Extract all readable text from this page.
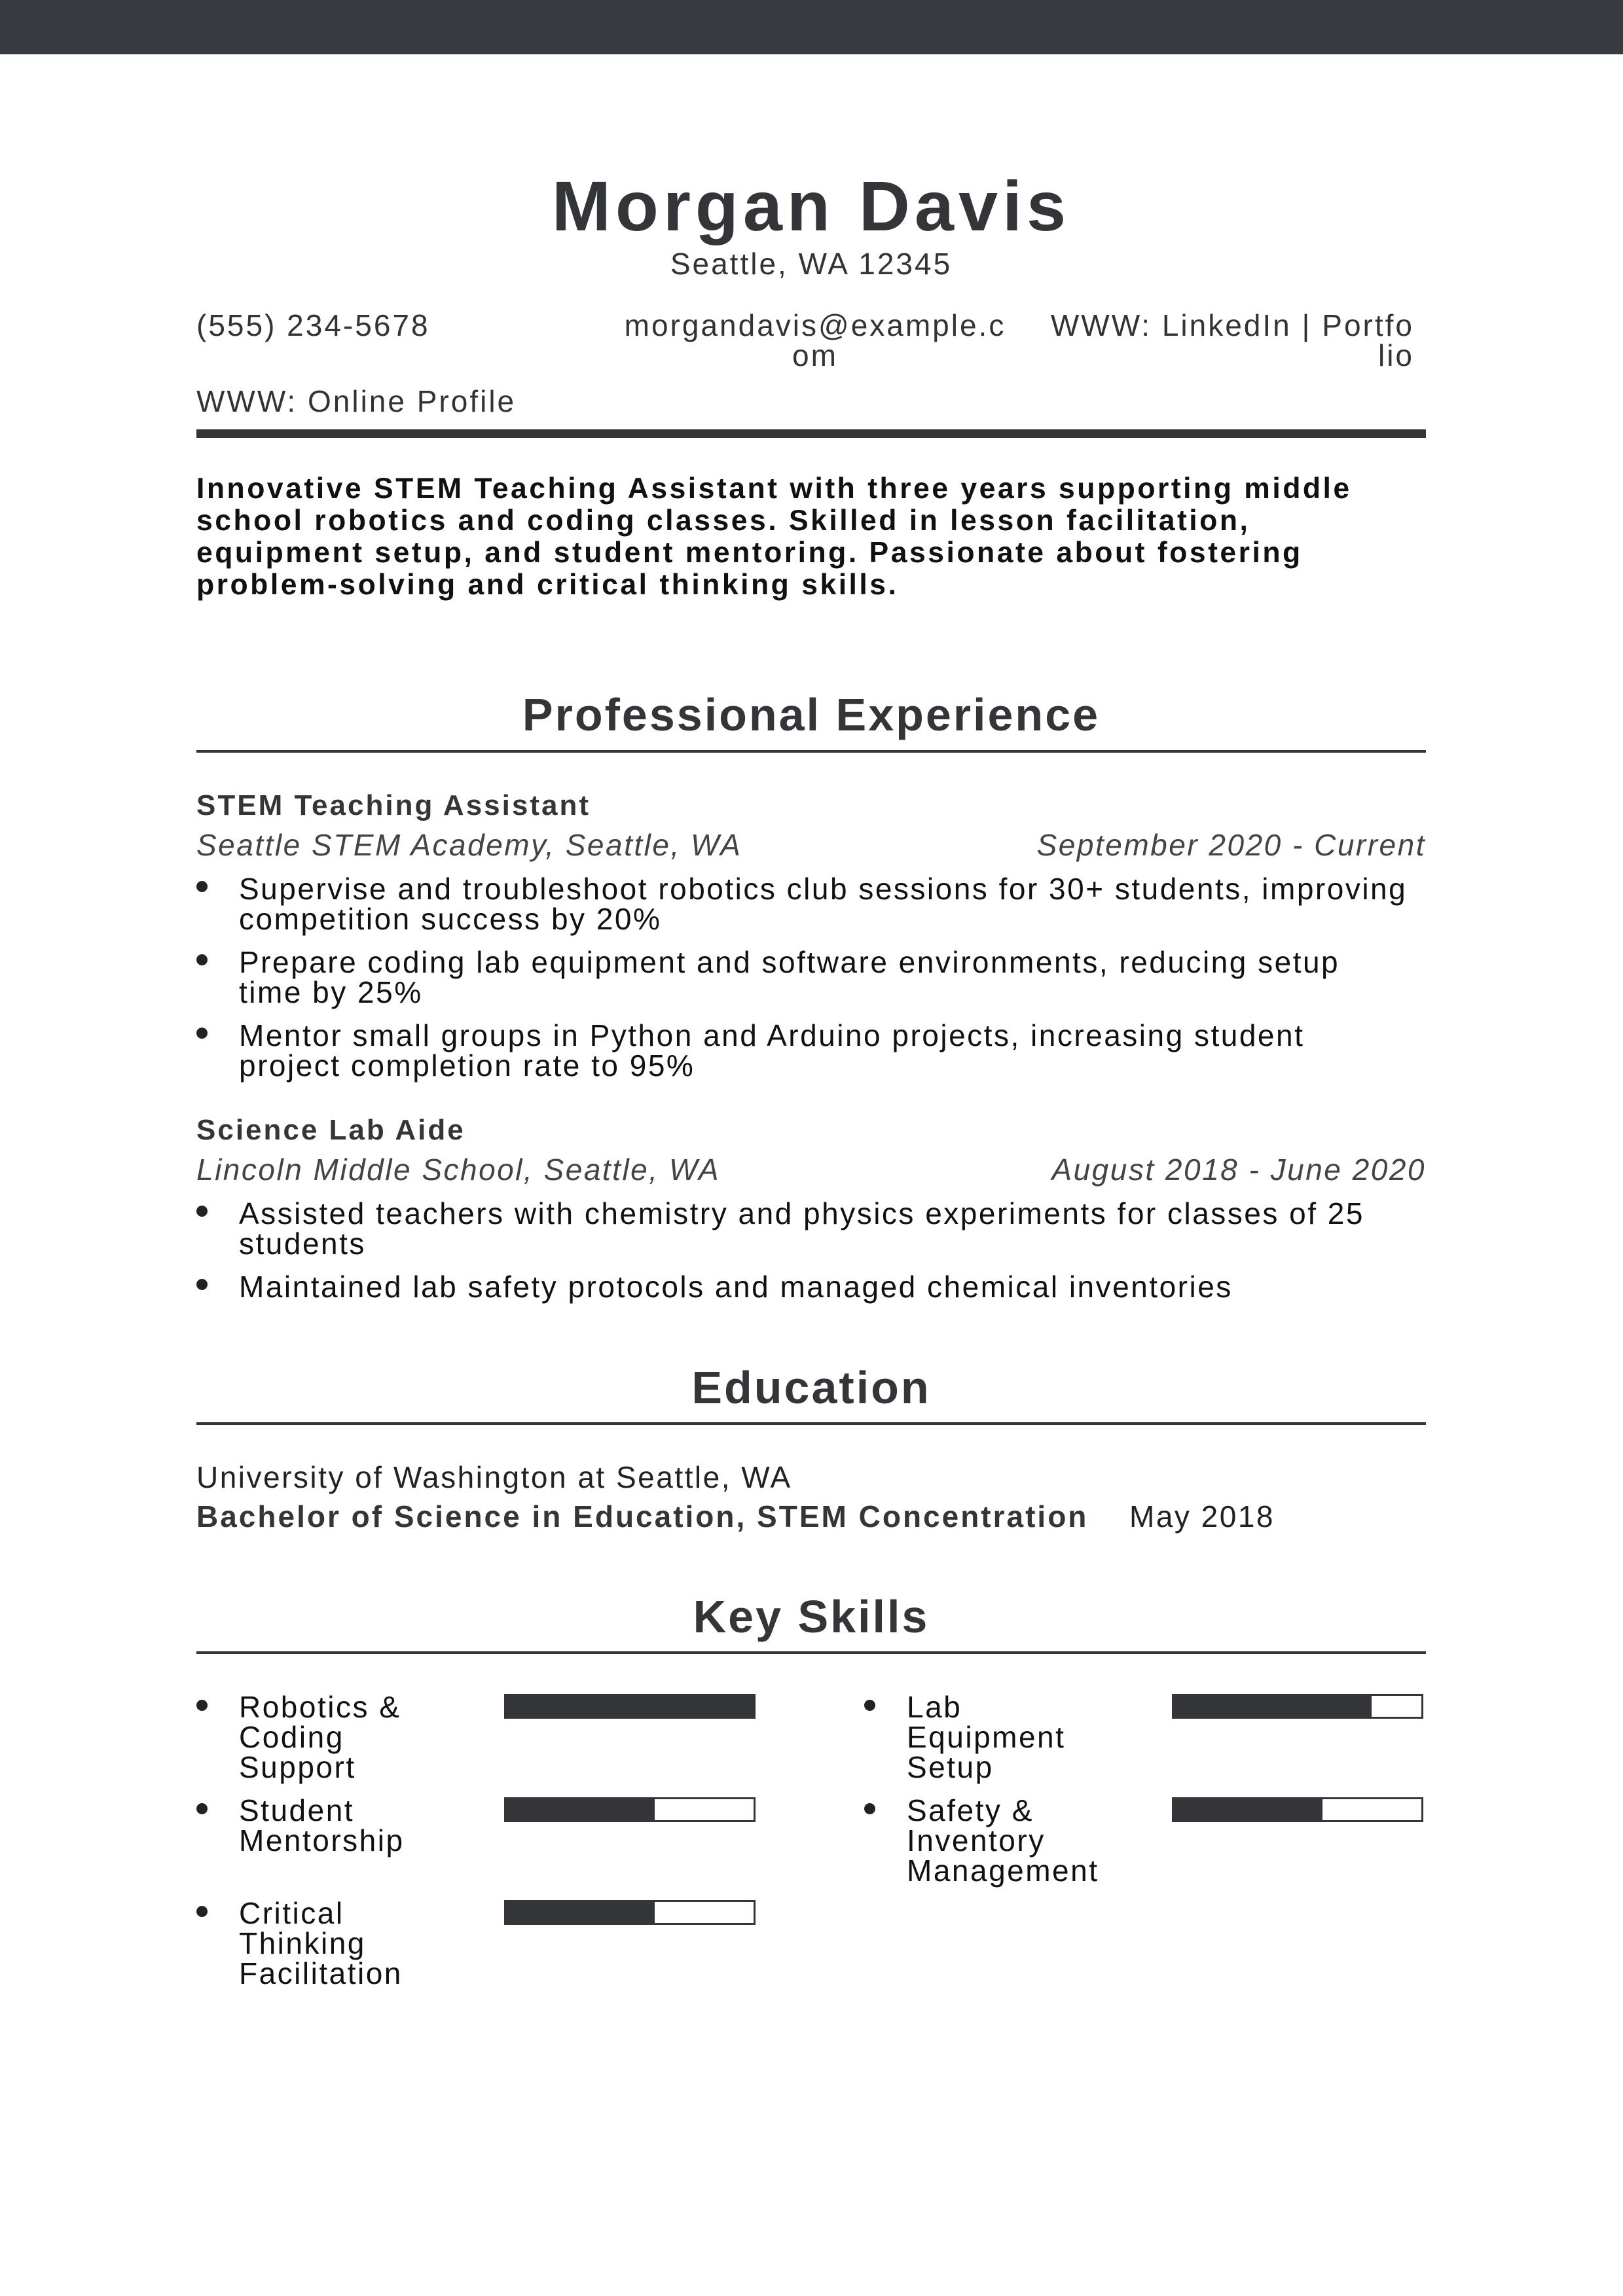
Morgan Davis
Seattle, WA 12345
(555) 234-5678	morgandavis@example.com
WWW: LinkedIn | Portfolio
WWW: Online Profile
Innovative STEM Teaching Assistant with three years supporting middle school robotics and coding classes. Skilled in lesson facilitation, equipment setup, and student mentoring. Passionate about fostering problem-solving and critical thinking skills.
Professional Experience
STEM Teaching Assistant
Seattle STEM Academy, Seattle, WA	September 2020 - Current
Supervise and troubleshoot robotics club sessions for 30+ students, improving competition success by 20%
Prepare coding lab equipment and software environments, reducing setup time by 25%
Mentor small groups in Python and Arduino projects, increasing student project completion rate to 95%
Science Lab Aide
Lincoln Middle School, Seattle, WA	August 2018 - June 2020
Assisted teachers with chemistry and physics experiments for classes of 25 students
Maintained lab safety protocols and managed chemical inventories
Education
University of Washington at Seattle, WA
Bachelor of Science in Education, STEM Concentration May 2018
Key Skills
Robotics & Coding Support
Lab Equipment Setup
Student Mentorship
Safety & Inventory Management
Critical Thinking Facilitation
